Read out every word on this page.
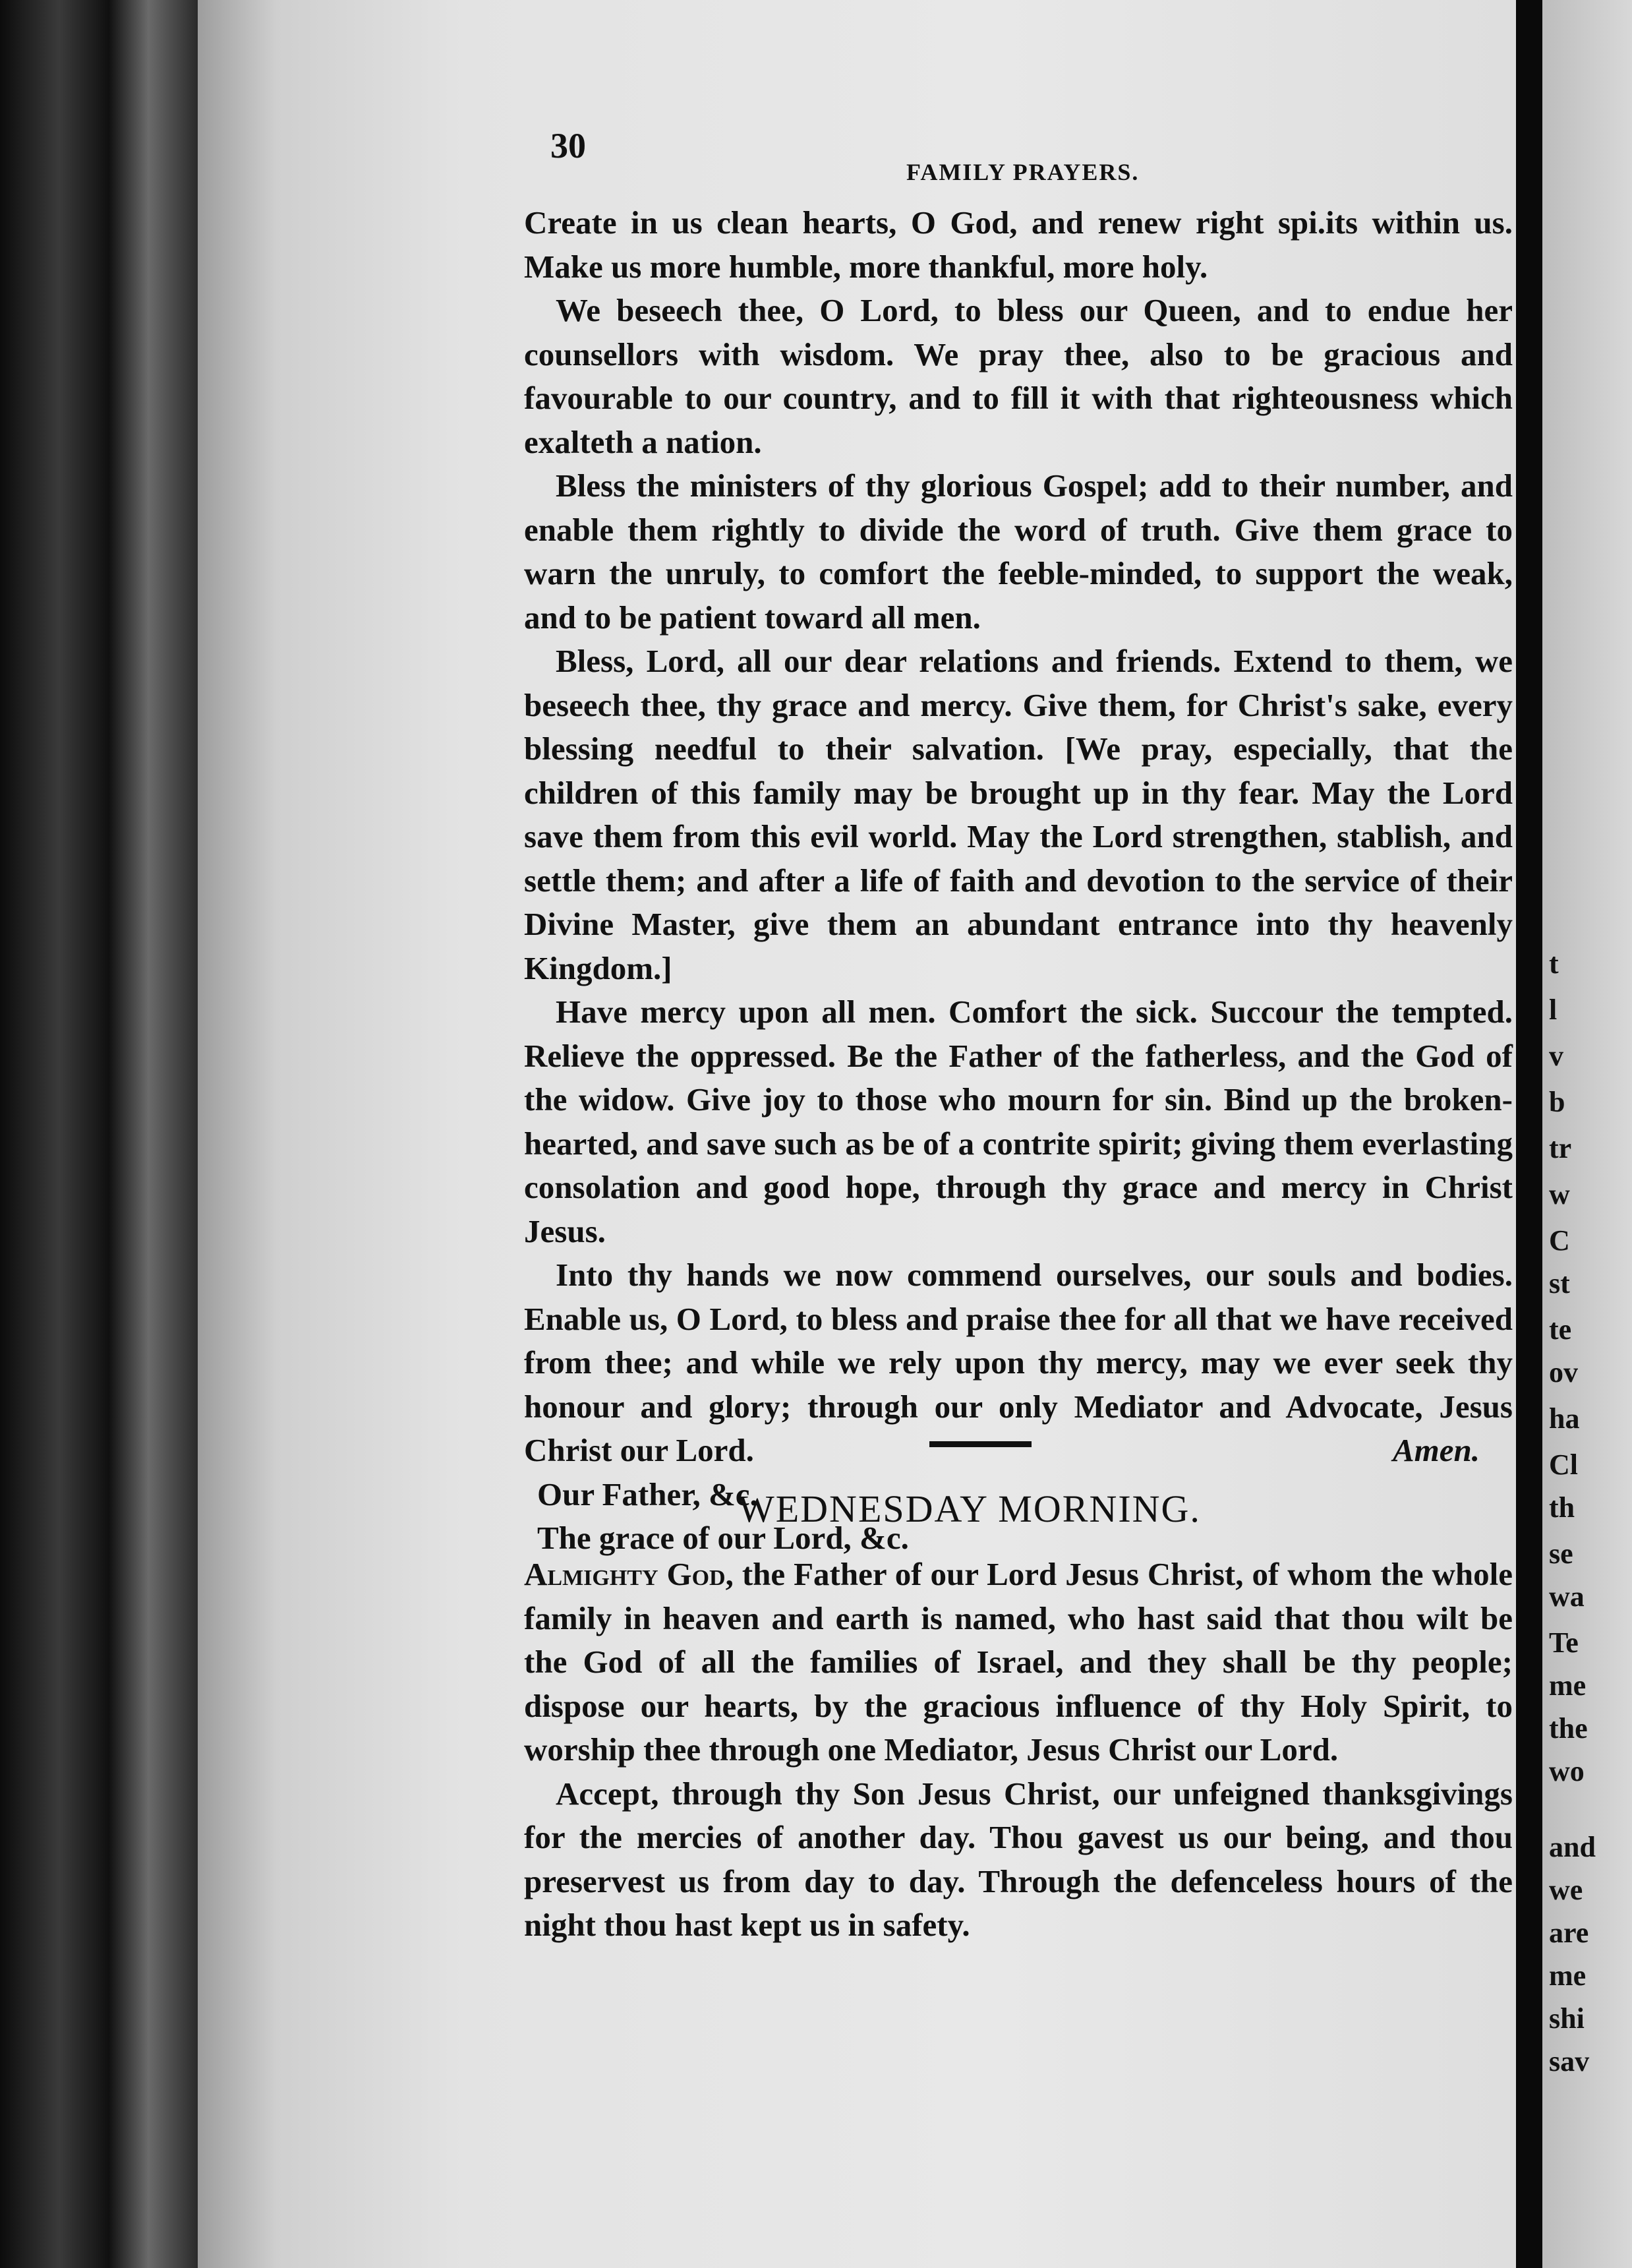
30
FAMILY PRAYERS.

Create in us clean hearts, O God, and renew right spi.its within us. Make us more humble, more thankful, more holy.

We beseech thee, O Lord, to bless our Queen, and to endue her counsellors with wisdom. We pray thee, also to be gracious and favourable to our country, and to fill it with that righteousness which exalteth a nation.

Bless the ministers of thy glorious Gospel; add to their number, and enable them rightly to divide the word of truth. Give them grace to warn the unruly, to comfort the feeble-minded, to support the weak, and to be patient toward all men.

Bless, Lord, all our dear relations and friends. Extend to them, we beseech thee, thy grace and mercy. Give them, for Christ's sake, every blessing needful to their salvation. [We pray, especially, that the children of this family may be brought up in thy fear. May the Lord save them from this evil world. May the Lord strengthen, stablish, and settle them; and after a life of faith and devotion to the service of their Divine Master, give them an abundant entrance into thy heavenly Kingdom.]

Have mercy upon all men. Comfort the sick. Succour the tempted. Relieve the oppressed. Be the Father of the fatherless, and the God of the widow. Give joy to those who mourn for sin. Bind up the broken-hearted, and save such as be of a contrite spirit; giving them everlasting consolation and good hope, through thy grace and mercy in Christ Jesus.

Into thy hands we now commend ourselves, our souls and bodies. Enable us, O Lord, to bless and praise thee for all that we have received from thee; and while we rely upon thy mercy, may we ever seek thy honour and glory; through our only Mediator and Advocate, Jesus Christ our Lord.	Amen.

Our Father, &c.

The grace of our Lord, &c.

WEDNESDAY MORNING.

Almighty God, the Father of our Lord Jesus Christ, of whom the whole family in heaven and earth is named, who hast said that thou wilt be the God of all the families of Israel, and they shall be thy people; dispose our hearts, by the gracious influence of thy Holy Spirit, to worship thee through one Mediator, Jesus Christ our Lord.

Accept, through thy Son Jesus Christ, our unfeigned thanksgivings for the mercies of another day. Thou gavest us our being, and thou preservest us from day to day. Through the defenceless hours of the night thou hast kept us in safety.

t
l
v
b
tr
w
C
st
te
ov
ha
Cl
th
se
wa
Te
me
the
wo
and
we
are
me
shi
sav
